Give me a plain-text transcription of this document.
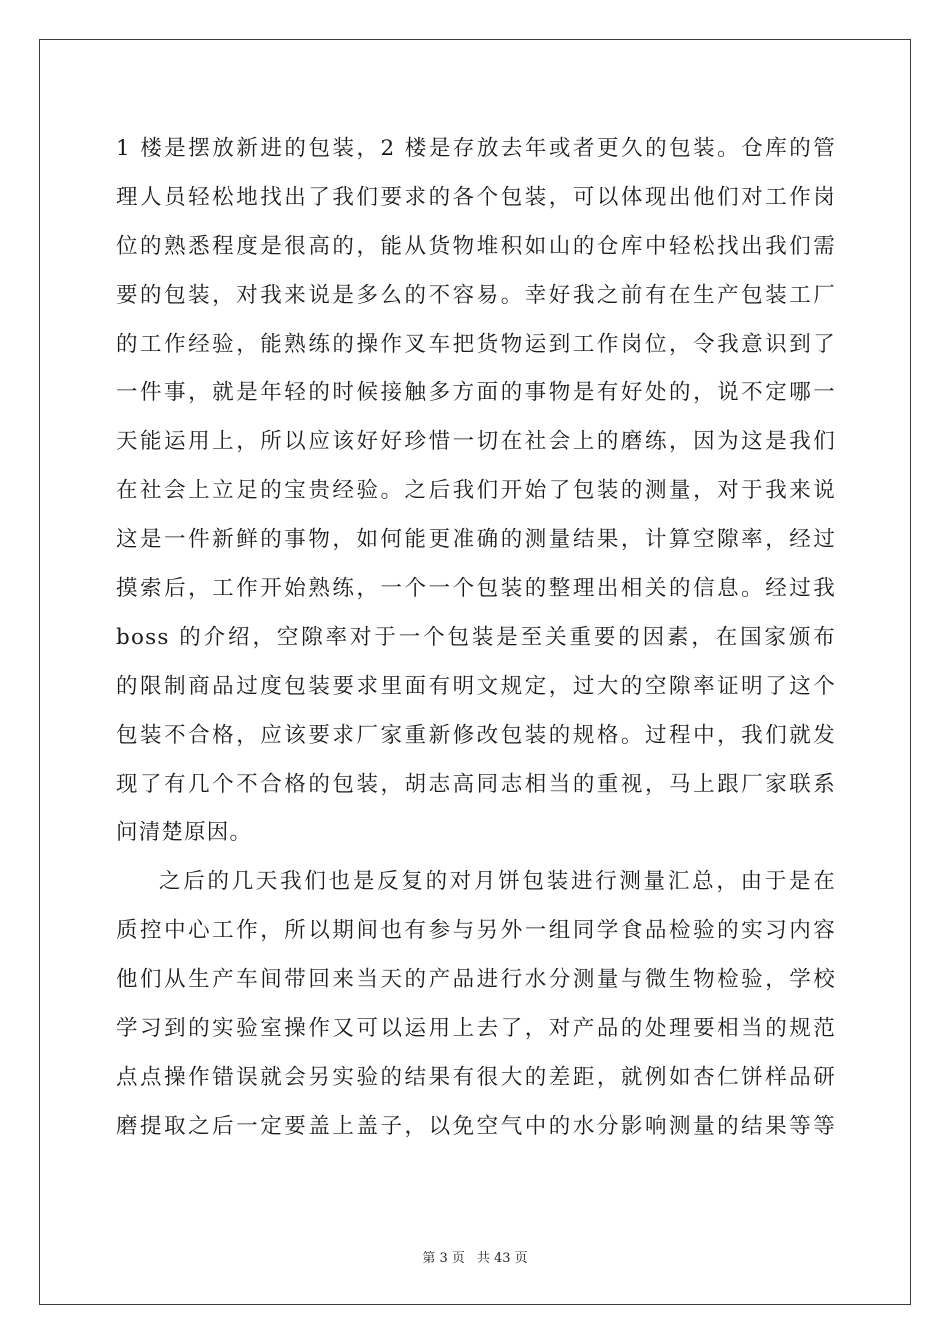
1 楼是摆放新进的包装，2 楼是存放去年或者更久的包装。仓库的管
理人员轻松地找出了我们要求的各个包装，可以体现出他们对工作岗
位的熟悉程度是很高的，能从货物堆积如山的仓库中轻松找出我们需
要的包装，对我来说是多么的不容易。幸好我之前有在生产包装工厂
的工作经验，能熟练的操作叉车把货物运到工作岗位，令我意识到了
一件事，就是年轻的时候接触多方面的事物是有好处的，说不定哪一
天能运用上，所以应该好好珍惜一切在社会上的磨练，因为这是我们
在社会上立足的宝贵经验。之后我们开始了包装的测量，对于我来说
这是一件新鲜的事物，如何能更准确的测量结果，计算空隙率，经过
摸索后，工作开始熟练，一个一个包装的整理出相关的信息。经过我
boss 的介绍，空隙率对于一个包装是至关重要的因素，在国家颁布
的限制商品过度包装要求里面有明文规定，过大的空隙率证明了这个
包装不合格，应该要求厂家重新修改包装的规格。过程中，我们就发
现了有几个不合格的包装，胡志高同志相当的重视，马上跟厂家联系
问清楚原因。
之后的几天我们也是反复的对月饼包装进行测量汇总，由于是在
质控中心工作，所以期间也有参与另外一组同学食品检验的实习内容
他们从生产车间带回来当天的产品进行水分测量与微生物检验，学校
学习到的实验室操作又可以运用上去了，对产品的处理要相当的规范
点点操作错误就会另实验的结果有很大的差距，就例如杏仁饼样品研
磨提取之后一定要盖上盖子，以免空气中的水分影响测量的结果等等
第 3 页 共 43 页
